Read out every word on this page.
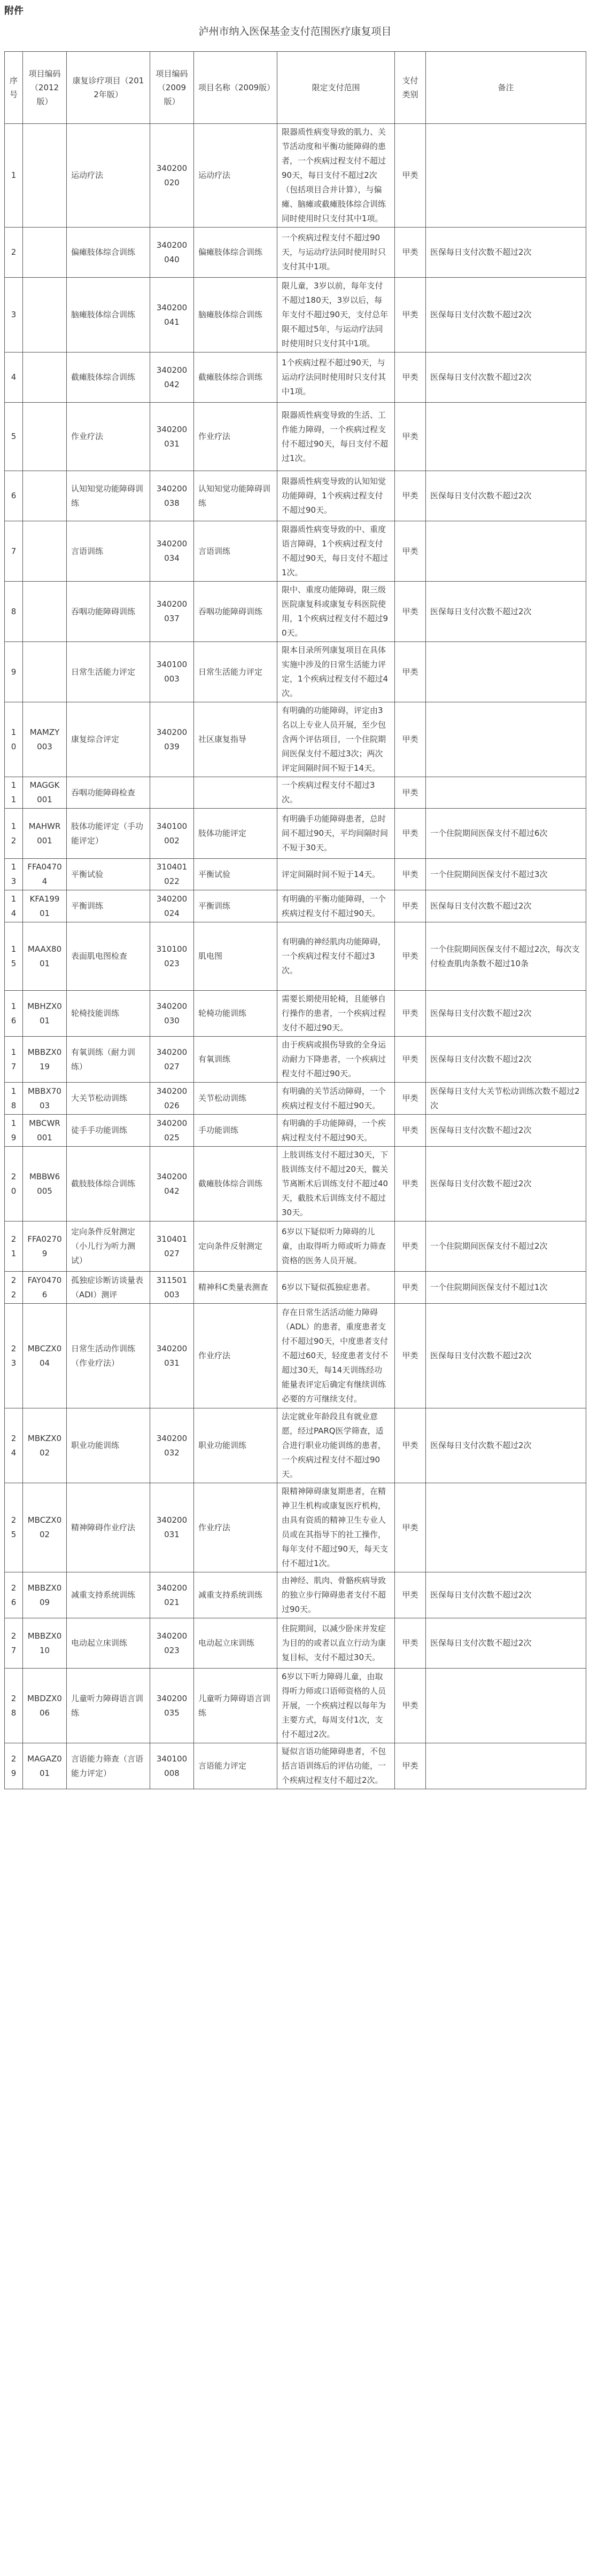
附件
泸州市纳入医保基金支付范围医疗康复项目
序号	项目编码（2012版）	康复诊疗项目（2012年版）	项目编码（2009版）	项目名称（2009版）	限定支付范围	支付类别	备注
1		运动疗法	340200020	运动疗法	限器质性病变导致的肌力、关节活动度和平衡功能障碍的患者，一个疾病过程支付不超过90天，每日支付不超过2次（包括项目合并计算），与偏瘫、脑瘫或截瘫肢体综合训练同时使用时只支付其中1项。	甲类	
2		偏瘫肢体综合训练	340200040	偏瘫肢体综合训练	一个疾病过程支付不超过90天，与运动疗法同时使用时只支付其中1项。	甲类	医保每日支付次数不超过2次
3		脑瘫肢体综合训练	340200041	脑瘫肢体综合训练	限儿童，3岁以前，每年支付不超过180天，3岁以后，每年支付不超过90天，支付总年限不超过5年，与运动疗法同时使用时只支付其中1项。	甲类	医保每日支付次数不超过2次
4		截瘫肢体综合训练	340200042	截瘫肢体综合训练	1个疾病过程不超过90天，与运动疗法同时使用时只支付其中1项。	甲类	医保每日支付次数不超过2次
5		作业疗法	340200031	作业疗法	限器质性病变导致的生活、工作能力障碍，一个疾病过程支付不超过90天，每日支付不超过1次。	甲类	
6		认知知觉功能障碍训练	340200038	认知知觉功能障碍训练	限器质性病变导致的认知知觉功能障碍，1个疾病过程支付不超过90天。	甲类	医保每日支付次数不超过2次
7		言语训练	340200034	言语训练	限器质性病变导致的中、重度语言障碍，1个疾病过程支付不超过90天，每日支付不超过1次。	甲类	
8		吞咽功能障碍训练	340200037	吞咽功能障碍训练	限中、重度功能障碍，限三级医院康复科或康复专科医院使用，1个疾病过程支付不超过90天。	甲类	医保每日支付次数不超过2次
9		日常生活能力评定	340100003	日常生活能力评定	限本目录所列康复项目在具体实施中涉及的日常生活能力评定，1个疾病过程支付不超过4次。	甲类	
10	MAMZY003	康复综合评定	340200039	社区康复指导	有明确的功能障碍，评定由3名以上专业人员开展，至少包含两个评估项目，一个住院期间医保支付不超过3次；两次评定间隔时间不短于14天。	甲类	
11	MAGGK001	吞咽功能障碍检查			一个疾病过程支付不超过3次。	甲类	
12	MAHWR001	肢体功能评定（手功能评定）	340100002	肢体功能评定	有明确手功能障碍患者，总时间不超过90天，平均间隔时间不短于30天。	甲类	一个住院期间医保支付不超过6次
13	FFA04704	平衡试验	310401022	平衡试验	评定间隔时间不短于14天。	甲类	一个住院期间医保支付不超过3次
14	KFA19901	平衡训练	340200024	平衡训练	有明确的平衡功能障碍，一个疾病过程支付不超过90天。	甲类	医保每日支付次数不超过2次
15	MAAX8001	表面肌电图检查	310100023	肌电图	有明确的神经肌肉功能障碍，一个疾病过程支付不超过3次。	甲类	一个住院期间医保支付不超过2次，每次支付检查肌肉条数不超过10条
16	MBHZX001	轮椅技能训练	340200030	轮椅功能训练	需要长期使用轮椅，且能够自行操作的患者，一个疾病过程支付不超过90天。	甲类	医保每日支付次数不超过2次
17	MBBZX019	有氧训练（耐力训练）	340200027	有氧训练	由于疾病或损伤导致的全身运动耐力下降患者，一个疾病过程支付不超过90天。	甲类	医保每日支付次数不超过2次
18	MBBX7003	大关节松动训练	340200026	关节松动训练	有明确的关节活动障碍，一个疾病过程支付不超过90天。	甲类	医保每日支付大关节松动训练次数不超过2次
19	MBCWR001	徒手手功能训练	340200025	手功能训练	有明确的手功能障碍，一个疾病过程支付不超过90天。	甲类	医保每日支付次数不超过2次
20	MBBW6005	截肢肢体综合训练	340200042	截瘫肢体综合训练	上肢训练支付不超过30天，下肢训练支付不超过20天，髋关节离断术后训练支付不超过40天，截肢术后训练支付不超过30天。	甲类	医保每日支付次数不超过2次
21	FFA02709	定向条件反射测定（小儿行为听力测试）	310401027	定向条件反射测定	6岁以下疑似听力障碍的儿童，由取得听力师或听力筛查资格的医务人员开展。	甲类	一个住院期间医保支付不超过2次
22	FAY04706	孤独症诊断访谈量表（ADI）测评	311501003	精神科C类量表测查	6岁以下疑似孤独症患者。	甲类	一个住院期间医保支付不超过1次
23	MBCZX004	日常生活动作训练（作业疗法）	340200031	作业疗法	存在日常生活活动能力障碍（ADL）的患者，重度患者支付不超过90天，中度患者支付不超过60天，轻度患者支付不超过30天，每14天训练经功能量表评定后确定有继续训练必要的方可继续支付。	甲类	医保每日支付次数不超过2次
24	MBKZX002	职业功能训练	340200032	职业功能训练	法定就业年龄段且有就业意愿，经过PARQ医学筛查，适合进行职业功能训练的患者，一个疾病过程支付不超过90天。	甲类	医保每日支付次数不超过2次
25	MBCZX002	精神障碍作业疗法	340200031	作业疗法	限精神障碍康复期患者，在精神卫生机构或康复医疗机构，由具有资质的精神卫生专业人员或在其指导下的社工操作，每年支付不超过90天，每天支付不超过1次。	甲类	
26	MBBZX009	减重支持系统训练	340200021	减重支持系统训练	由神经、肌肉、骨骼疾病导致的独立步行障碍患者支付不超过90天。	甲类	医保每日支付次数不超过2次
27	MBBZX010	电动起立床训练	340200023	电动起立床训练	住院期间，以减少卧床并发症为目的的或者以直立行动为康复目标，支付不超过30天。	甲类	医保每日支付次数不超过2次
28	MBDZX006	儿童听力障碍语言训练	340200035	儿童听力障碍语言训练	6岁以下听力障碍儿童，由取得听力师或口语师资格的人员开展，一个疾病过程以每年为主要方式，每周支付1次，支付不超过2次。	甲类	
29	MAGAZ001	言语能力筛查（言语能力评定）	340100008	言语能力评定	疑似言语功能障碍患者，不包括言语训练后的评估功能，一个疾病过程支付不超过2次。	甲类	
